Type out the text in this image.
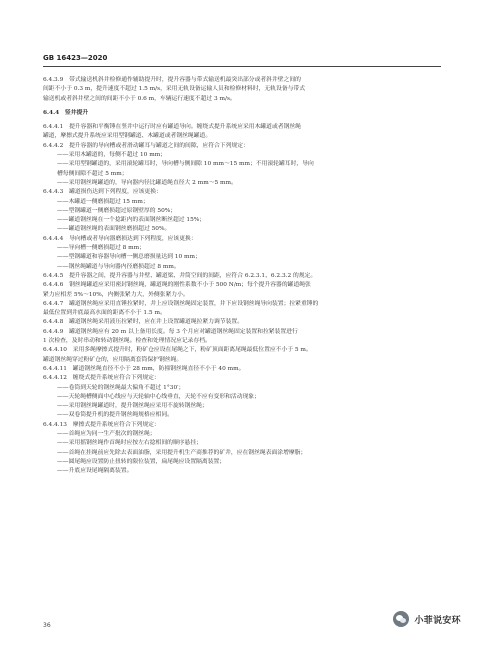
GB 16423—2020
6.4.3.9　带式输送机斜井检修通作辅助提升时，提升容器与带式输送机最突出部分或者斜井壁之间的
间距不小于 0.3 m，提升速度不超过 1.5 m/s，采用无轨设备运输人员和检修材料时，无轨设备与带式
输送机或者斜井壁之间的间距不小于 0.6 m，车辆运行速度不超过 3 m/s。
6.4.4　竖井提升
6.4.4.1　提升容器和平衡锤在竖井中运行时应有罐道导向。缠绕式提升系统应采用木罐道或者钢丝绳
罐道，摩擦式提升系统应采用型钢罐道、木罐道或者钢丝绳罐道。
6.4.4.2　提升容器的导向槽或者滑动罐耳与罐道之间的间隙，应符合下列规定：
——采用木罐道的，每侧不超过 10 mm；
——采用型钢罐道的，采用滚轮罐耳时，导向槽与侧间隙 10 mm～15 mm；不用滚轮罐耳时，导向
槽每侧间隙不超过 5 mm；
——采用钢丝绳罐道的，导向器内径比罐道绳直径大 2 mm～5 mm。
6.4.4.3　罐道损伤达到下列程度，应该更换：
——木罐道一侧磨损超过 15 mm；
——型钢罐道一侧磨损超过原钢壁厚的 50%；
——罐道钢丝绳在一个捻距内的表面钢丝断丝超过 15%；
——罐道钢丝绳的表面钢丝磨损超过 50%。
6.4.4.4　导向槽或者导向器磨损达到下列程度，应该更换：
——导向槽一侧磨损超过 8 mm；
——型钢罐道和容器导向槽一侧总磨损量达到 10 mm；
——钢丝绳罐道与导向器内径磨损超过 8 mm。
6.4.4.5　提升容器之间，提升容器与井壁、罐道梁、井筒空间的间距，应符合 6.2.3.1、6.2.3.2 的规定。
6.4.4.6　钢丝绳罐道应采用密封钢丝绳，罐道绳的刚性系数不小于 500 N/m；每个提升容器的罐道绳张
紧力应相差 5%～10%，内侧张紧力大，外侧张紧力小。
6.4.4.7　罐道钢丝绳应采用直锤拉紧时，井上应设钢丝绳固定装置，井下应设钢丝绳导向装置；拉紧重锤的
最低位置到井底最高水面的距离不小于 1.5 m。
6.4.4.8　罐道钢丝绳采用液压拉紧时，应在井上设置罐道绳拉紧力调节装置。
6.4.4.9　罐道钢丝绳应有 20 m 以上备用长度。每 3 个月应对罐道钢丝绳固定装置和拉紧装置进行
1 次检查，及时串动和转动钢丝绳。检查和处理情况应记录存档。
6.4.4.10　采用多绳摩擦式提升时，粉矿仓应设在尾绳之下，粉矿顶面距离尾绳最低位置应不小于 5 m。
罐道钢丝绳穿过粉矿仓的，应用隔离套筒保护钢丝绳。
6.4.4.11　罐道钢丝绳直径不小于 28 mm，防撞钢丝绳直径不小于 40 mm。
6.4.4.12　缠绕式提升系统应符合下列规定：
——卷筒到天轮的钢丝绳最大偏角不超过 1°30′；
——天轮绳槽侧面中心线应与天轮轴中心线垂直，天轮不应有变形和活动现象；
——采用钢丝绳罐道时，提升钢丝绳应采用不旋转钢丝绳；
——双卷筒提升机的提升钢丝绳规格应相同。
6.4.4.13　摩擦式提升系统应符合下列规定：
——首绳应为同一生产批次的钢丝绳；
——采用摇钢丝绳作首绳时应按左右捻相间的顺序悬挂；
——首绳在挂绳前应先除去表面油脂，采用提升机生产商推荐的矿井，应在钢丝绳表面涂增摩脂；
——圆尾绳应设置防止扭转的限位装置，扁尾绳应设置隔离装置；
——升底应设尾绳隔离装置。
36	小菲说安环
